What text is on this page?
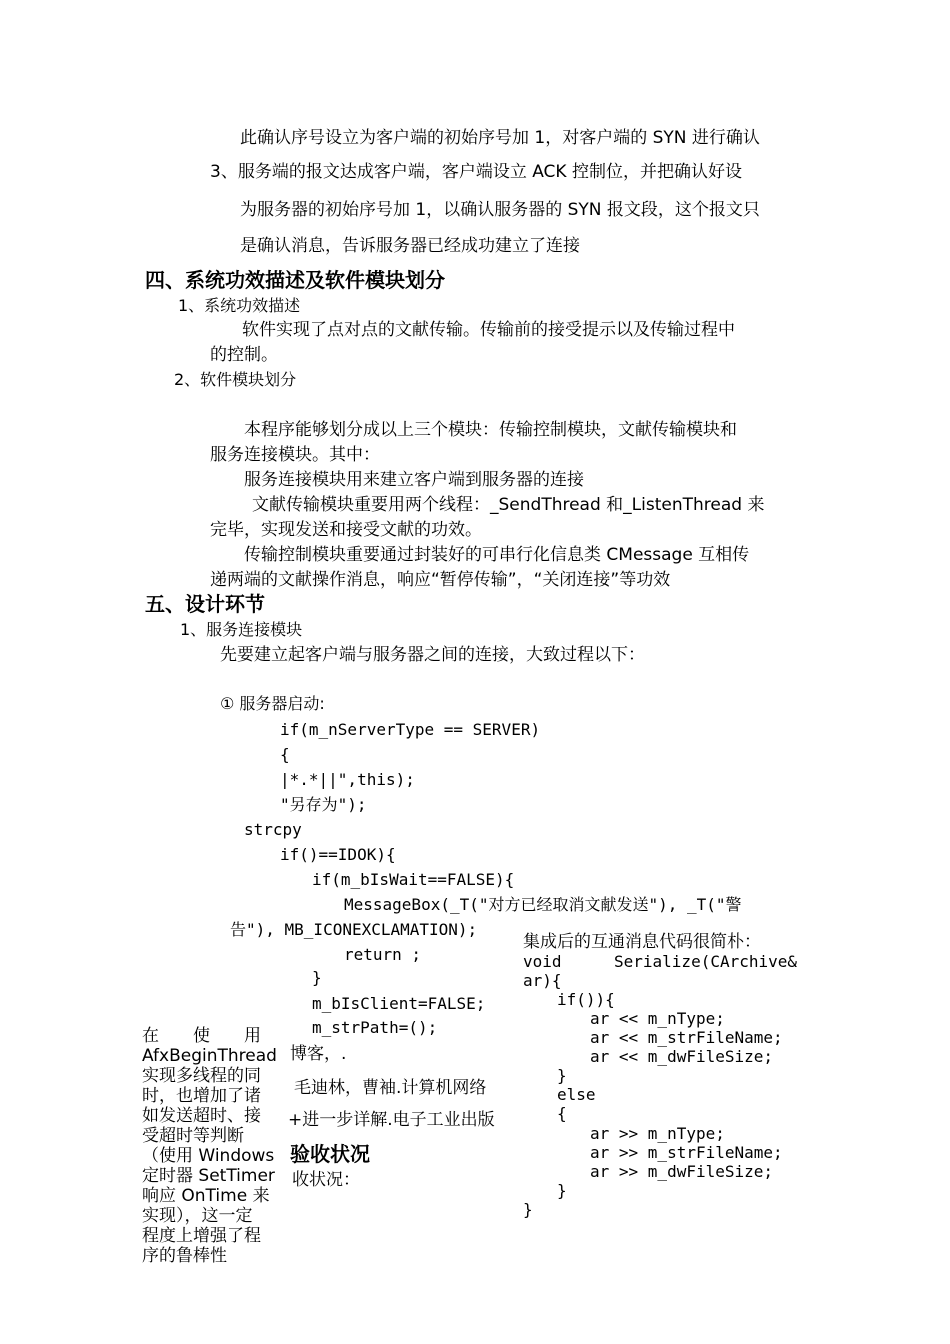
此确认序号设立为客户端的初始序号加 1，对客户端的 SYN 进行确认
3、服务端的报文达成客户端，客户端设立 ACK 控制位，并把确认好设
为服务器的初始序号加 1，以确认服务器的 SYN 报文段，这个报文只
是确认消息，告诉服务器已经成功建立了连接
四、系统功效描述及软件模块划分
1、系统功效描述
软件实现了点对点的文献传输。传输前的接受提示以及传输过程中
的控制。
2、软件模块划分
本程序能够划分成以上三个模块：传输控制模块，文献传输模块和
服务连接模块。其中：
服务连接模块用来建立客户端到服务器的连接
文献传输模块重要用两个线程：_SendThread 和_ListenThread 来
完毕，实现发送和接受文献的功效。
传输控制模块重要通过封装好的可串行化信息类 CMessage 互相传
递两端的文献操作消息，响应“暂停传输”，“关闭连接”等功效
五、设计环节
1、服务连接模块
先要建立起客户端与服务器之间的连接，大致过程以下：
① 服务器启动:
if(m_nServerType == SERVER)
{
|*.*||",this);
"另存为");
strcpy
if()==IDOK){
if(m_bIsWait==FALSE){
MessageBox(_T("对方已经取消文献发送"), _T("警
告"), MB_ICONEXCLAMATION);
return ;
}
m_bIsClient=FALSE;
m_strPath=();
博客，.
毛迪林，曹袖.计算机网络
+进一步详解.电子工业出版
验收状况
收状况：
在　　使　　用
AfxBeginThread
实现多线程的同
时，也增加了诸
如发送超时、接
受超时等判断
（使用 Windows
定时器 SetTimer
响应 OnTime 来
实现），这一定
程度上增强了程
序的鲁棒性
集成后的互通消息代码很简朴：
void	Serialize(CArchive&
ar){
if()){
ar << m_nType;
ar << m_strFileName;
ar << m_dwFileSize;
}
else
{
ar >> m_nType;
ar >> m_strFileName;
ar >> m_dwFileSize;
}
}
